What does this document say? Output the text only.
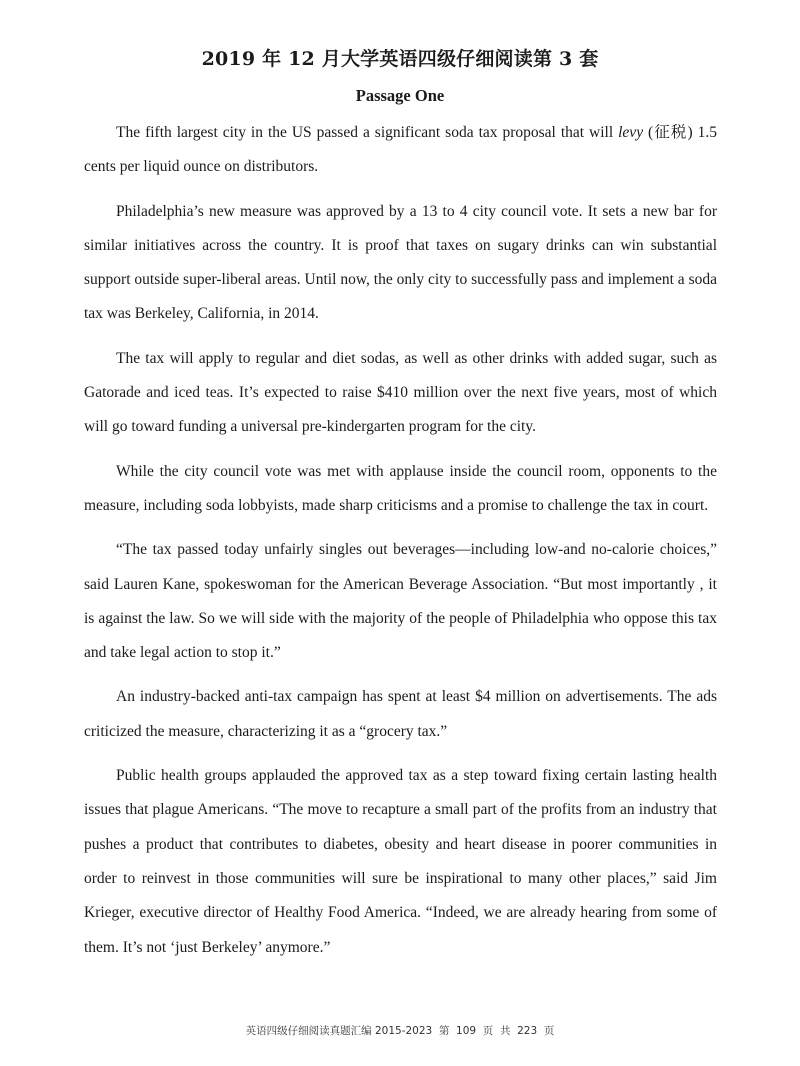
2019 年 12 月大学英语四级仔细阅读第 3 套
Passage One

The fifth largest city in the US passed a significant soda tax proposal that will levy (征税) 1.5 cents per liquid ounce on distributors.

Philadelphia’s new measure was approved by a 13 to 4 city council vote. It sets a new bar for similar initiatives across the country. It is proof that taxes on sugary drinks can win substantial support outside super-liberal areas. Until now, the only city to successfully pass and implement a soda tax was Berkeley, California, in 2014.

The tax will apply to regular and diet sodas, as well as other drinks with added sugar, such as Gatorade and iced teas. It’s expected to raise $410 million over the next five years, most of which will go toward funding a universal pre-kindergarten program for the city.

While the city council vote was met with applause inside the council room, opponents to the measure, including soda lobbyists, made sharp criticisms and a promise to challenge the tax in court.

“The tax passed today unfairly singles out beverages—including low-and no-calorie choices,” said Lauren Kane, spokeswoman for the American Beverage Association. “But most importantly , it is against the law. So we will side with the majority of the people of Philadelphia who oppose this tax and take legal action to stop it.”

An industry-backed anti-tax campaign has spent at least $4 million on advertisements. The ads criticized the measure, characterizing it as a “grocery tax.”

Public health groups applauded the approved tax as a step toward fixing certain lasting health issues that plague Americans. “The move to recapture a small part of the profits from an industry that pushes a product that contributes to diabetes, obesity and heart disease in poorer communities in order to reinvest in those communities will sure be inspirational to many other places,” said Jim Krieger, executive director of Healthy Food America. “Indeed, we are already hearing from some of them. It’s not ‘just Berkeley’ anymore.”

英语四级仔细阅读真题汇编 2015-2023  第  109  页  共  223  页
